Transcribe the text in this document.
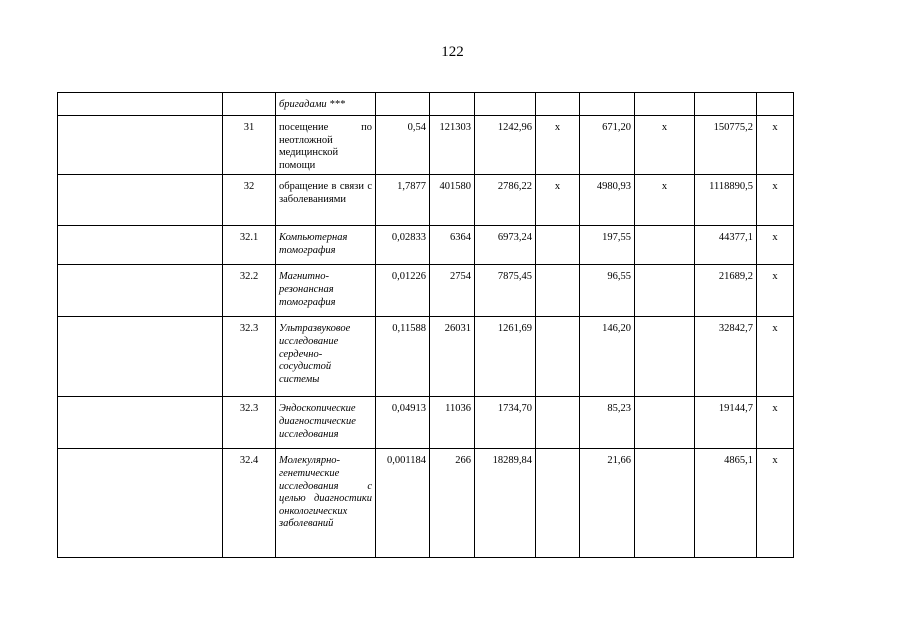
122
		бригадами ***								
	31	посещение по неотложной медицинской помощи	0,54	121303	1242,96	х	671,20	х	150775,2	х
	32	обращение в связи с заболеваниями	1,7877	401580	2786,22	х	4980,93	х	1118890,5	х
	32.1	Компьютерная томография	0,02833	6364	6973,24		197,55		44377,1	х
	32.2	Магнитно-резонансная томография	0,01226	2754	7875,45		96,55		21689,2	х
	32.3	Ультразвуковое исследование сердечно-сосудистой системы	0,11588	26031	1261,69		146,20		32842,7	х
	32.3	Эндоскопические диагностические исследования	0,04913	11036	1734,70		85,23		19144,7	х
	32.4	Молекулярно-генетические исследования с целью диагностики онкологических заболеваний	0,001184	266	18289,84		21,66		4865,1	х
